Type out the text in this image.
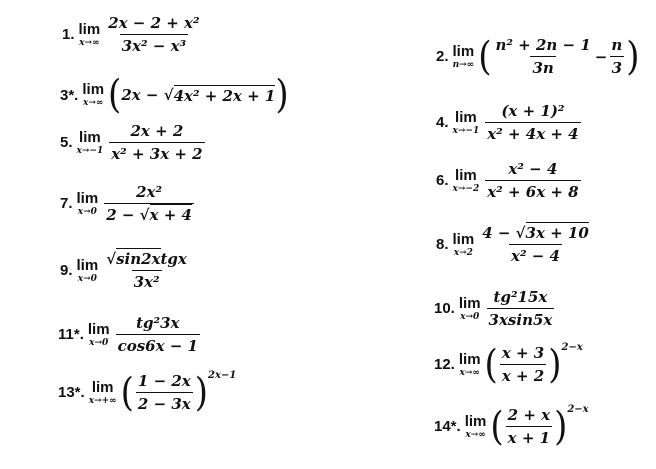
1. lim
$x\to\infty \frac{\text{2x − 2 + x²}}{\text{3x² − x³}}$
3*. lim
x→∞ ( 2x − √ 4x² + 2x + 1 )
5. lim
$x\to-1 \frac{2x + 2}{\text{x² + 3x + 2}}$
7. lim
$x\to 0 \frac{\text{2x²}}{2 - √x + 4}$
9. lim
$x\to 0 \frac{\text{√sin2xtgx}}{\text{3x²}}$
11*. lim
$x\to 0 \frac{\text{tg²3x}}{\cos 6x - 1}$
13*. lim
x→+∞ ( $\frac{1 - 2x}{2 - 3x}$ ) 2x−1
2. lim
n→∞ ( $\frac{\text{n² + 2n − 1}}{3n} - \frac{n}{3}$ )
4. lim
$x\to-1 \frac{\text{(x + 1)²}}{\text{x² + 4x + 4}}$
6. lim
$x\to-2 \frac{\text{x² − 4}}{\text{x² + 6x + 8}}$
8. lim
$x\to 2 \frac{4 - √3x + 10}{\text{x² − 4}}$
10. lim
$x\to 0 \frac{\text{tg²15x}}{3xsin5x}$
12. lim
x→∞ ( $\frac{x + 3}{x + 2}$ ) 2−x
14*. lim
x→∞ ( $\frac{2 + x}{x + 1}$ ) 2−x
